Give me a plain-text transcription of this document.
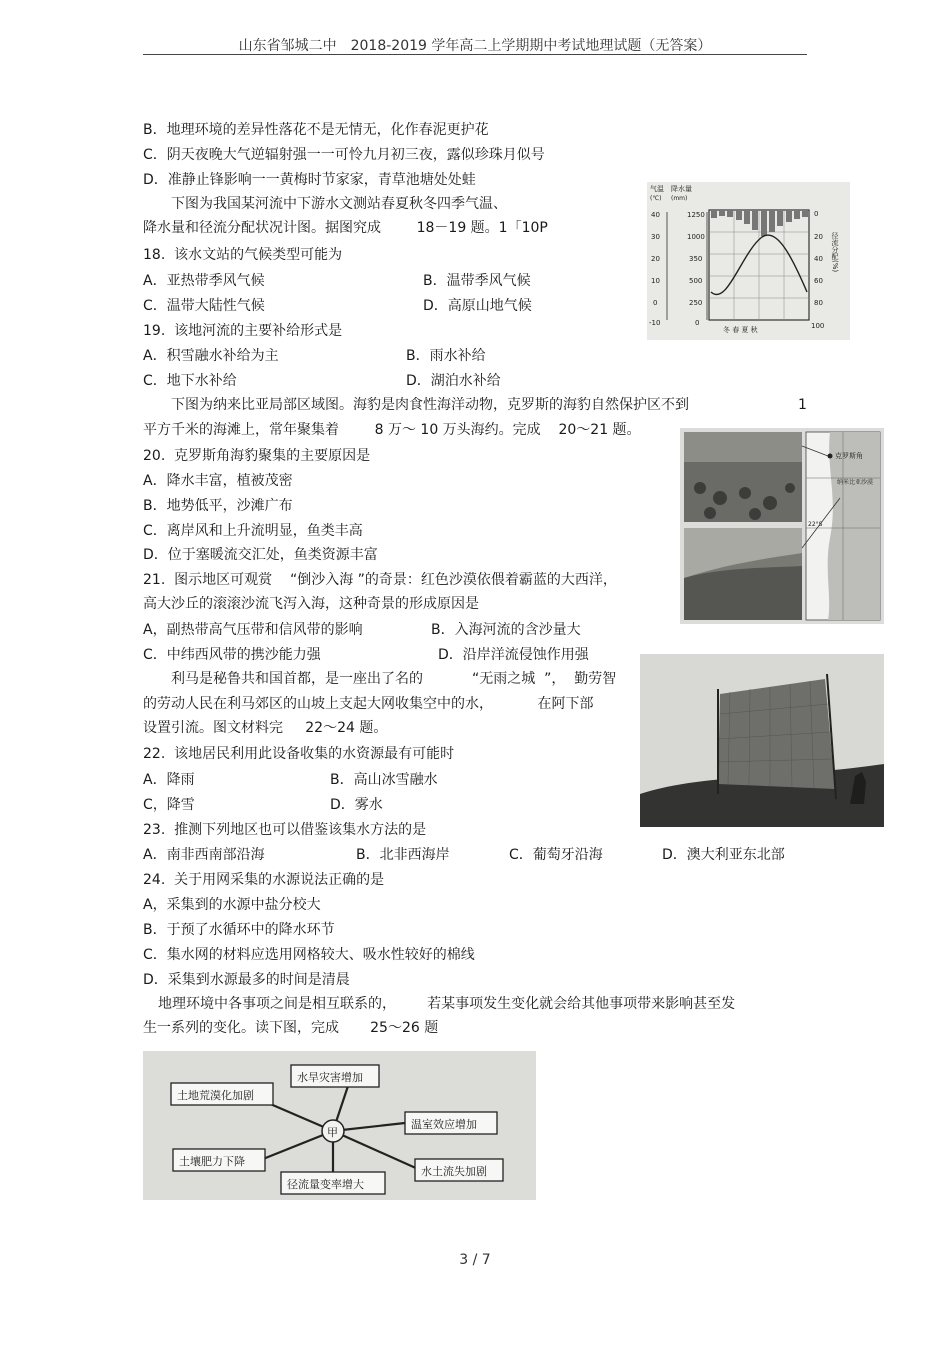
山东省邹城二中　2018-2019 学年高二上学期期中考试地理试题（无答案）
B．地理环境的差异性落花不是无情无，化作春泥更护花
C．阴天夜晚大气逆辐射强一一可怜九月初三夜，露似珍珠月似号
D．准静止锋影响一一黄梅时节家家，青草池塘处处蛙
下图为我国某河流中下游水文测站春夏秋冬四季气温、
降水量和径流分配状况计图。据图究成        18－19 题。1「10P
18.  该水文站的气候类型可能为
A．亚热带季风气候	B．温带季风气候
C．温带大陆性气候	D．高原山地气候
19.  该地河流的主要补给形式是
A．积雪融水补给为主	B．雨水补给
C．地下水补给	D．湖泊水补给
下图为纳来比亚局部区域图。海豹是肉食性海洋动物，克罗斯的海豹自然保护区不到	1
平方千米的海滩上，常年聚集着        8 万～ 10 万头海约。完成    20～21 题。
20.  克罗斯角海豹聚集的主要原因是
A．降水丰富，植被茂密
B．地势低平，沙滩广布
C．离岸风和上升流明显，鱼类丰高
D．位于塞暖流交汇处，鱼类资源丰富
21.  图示地区可观赏    “倒沙入海 ”的奇景：红色沙漠依偎着霸蓝的大西洋，
高大沙丘的滚滚沙流飞泻入海，这种奇景的形成原因是
A，副热带高气压带和信风带的影响	B．入海河流的含沙量大
C．中纬西风带的携沙能力强	D．沿岸洋流侵蚀作用强
利马是秘鲁共和国首都，是一座出了名的           “无雨之城  ”，  勤劳智
的劳动人民在利马郊区的山坡上支起大网收集空中的水，          在阿下部
设置引流。图文材料完     22～24 题。
22.  该地居民利用此设备收集的水资源最有可能时
A．降雨	B．高山冰雪融水
C，降雪	D．雾水
23.  推测下列地区也可以借鉴该集水方法的是
A．南非西南部沿海	B．北非西海岸	C．葡萄牙沿海	D．澳大利亚东北部
24.  关于用网采集的水源说法正确的是
A，采集到的水源中盐分校大
B．于预了水循环中的降水环节
C．集水网的材料应选用网格较大、吸水性较好的棉线
D．采集到水源最多的时间是清晨
地理环境中各事项之间是相互联系的，       若某事项发生变化就会给其他事项带来影响甚至发
生一系列的变化。读下图，完成       25～26 题
气温
(℃)
降水量
(mm)
40
30
20
10
0
-10
1250
1000
350
500
250
0
0
20
40
60
80
100
径流分配(%)
冬 春 夏 秋
克罗斯角
纳米比亚沙漠
22°S
甲
水旱灾害增加
温室效应增加
水土流失加剧
径流量变率增大
土壤肥力下降
土地荒漠化加剧
3 / 7
